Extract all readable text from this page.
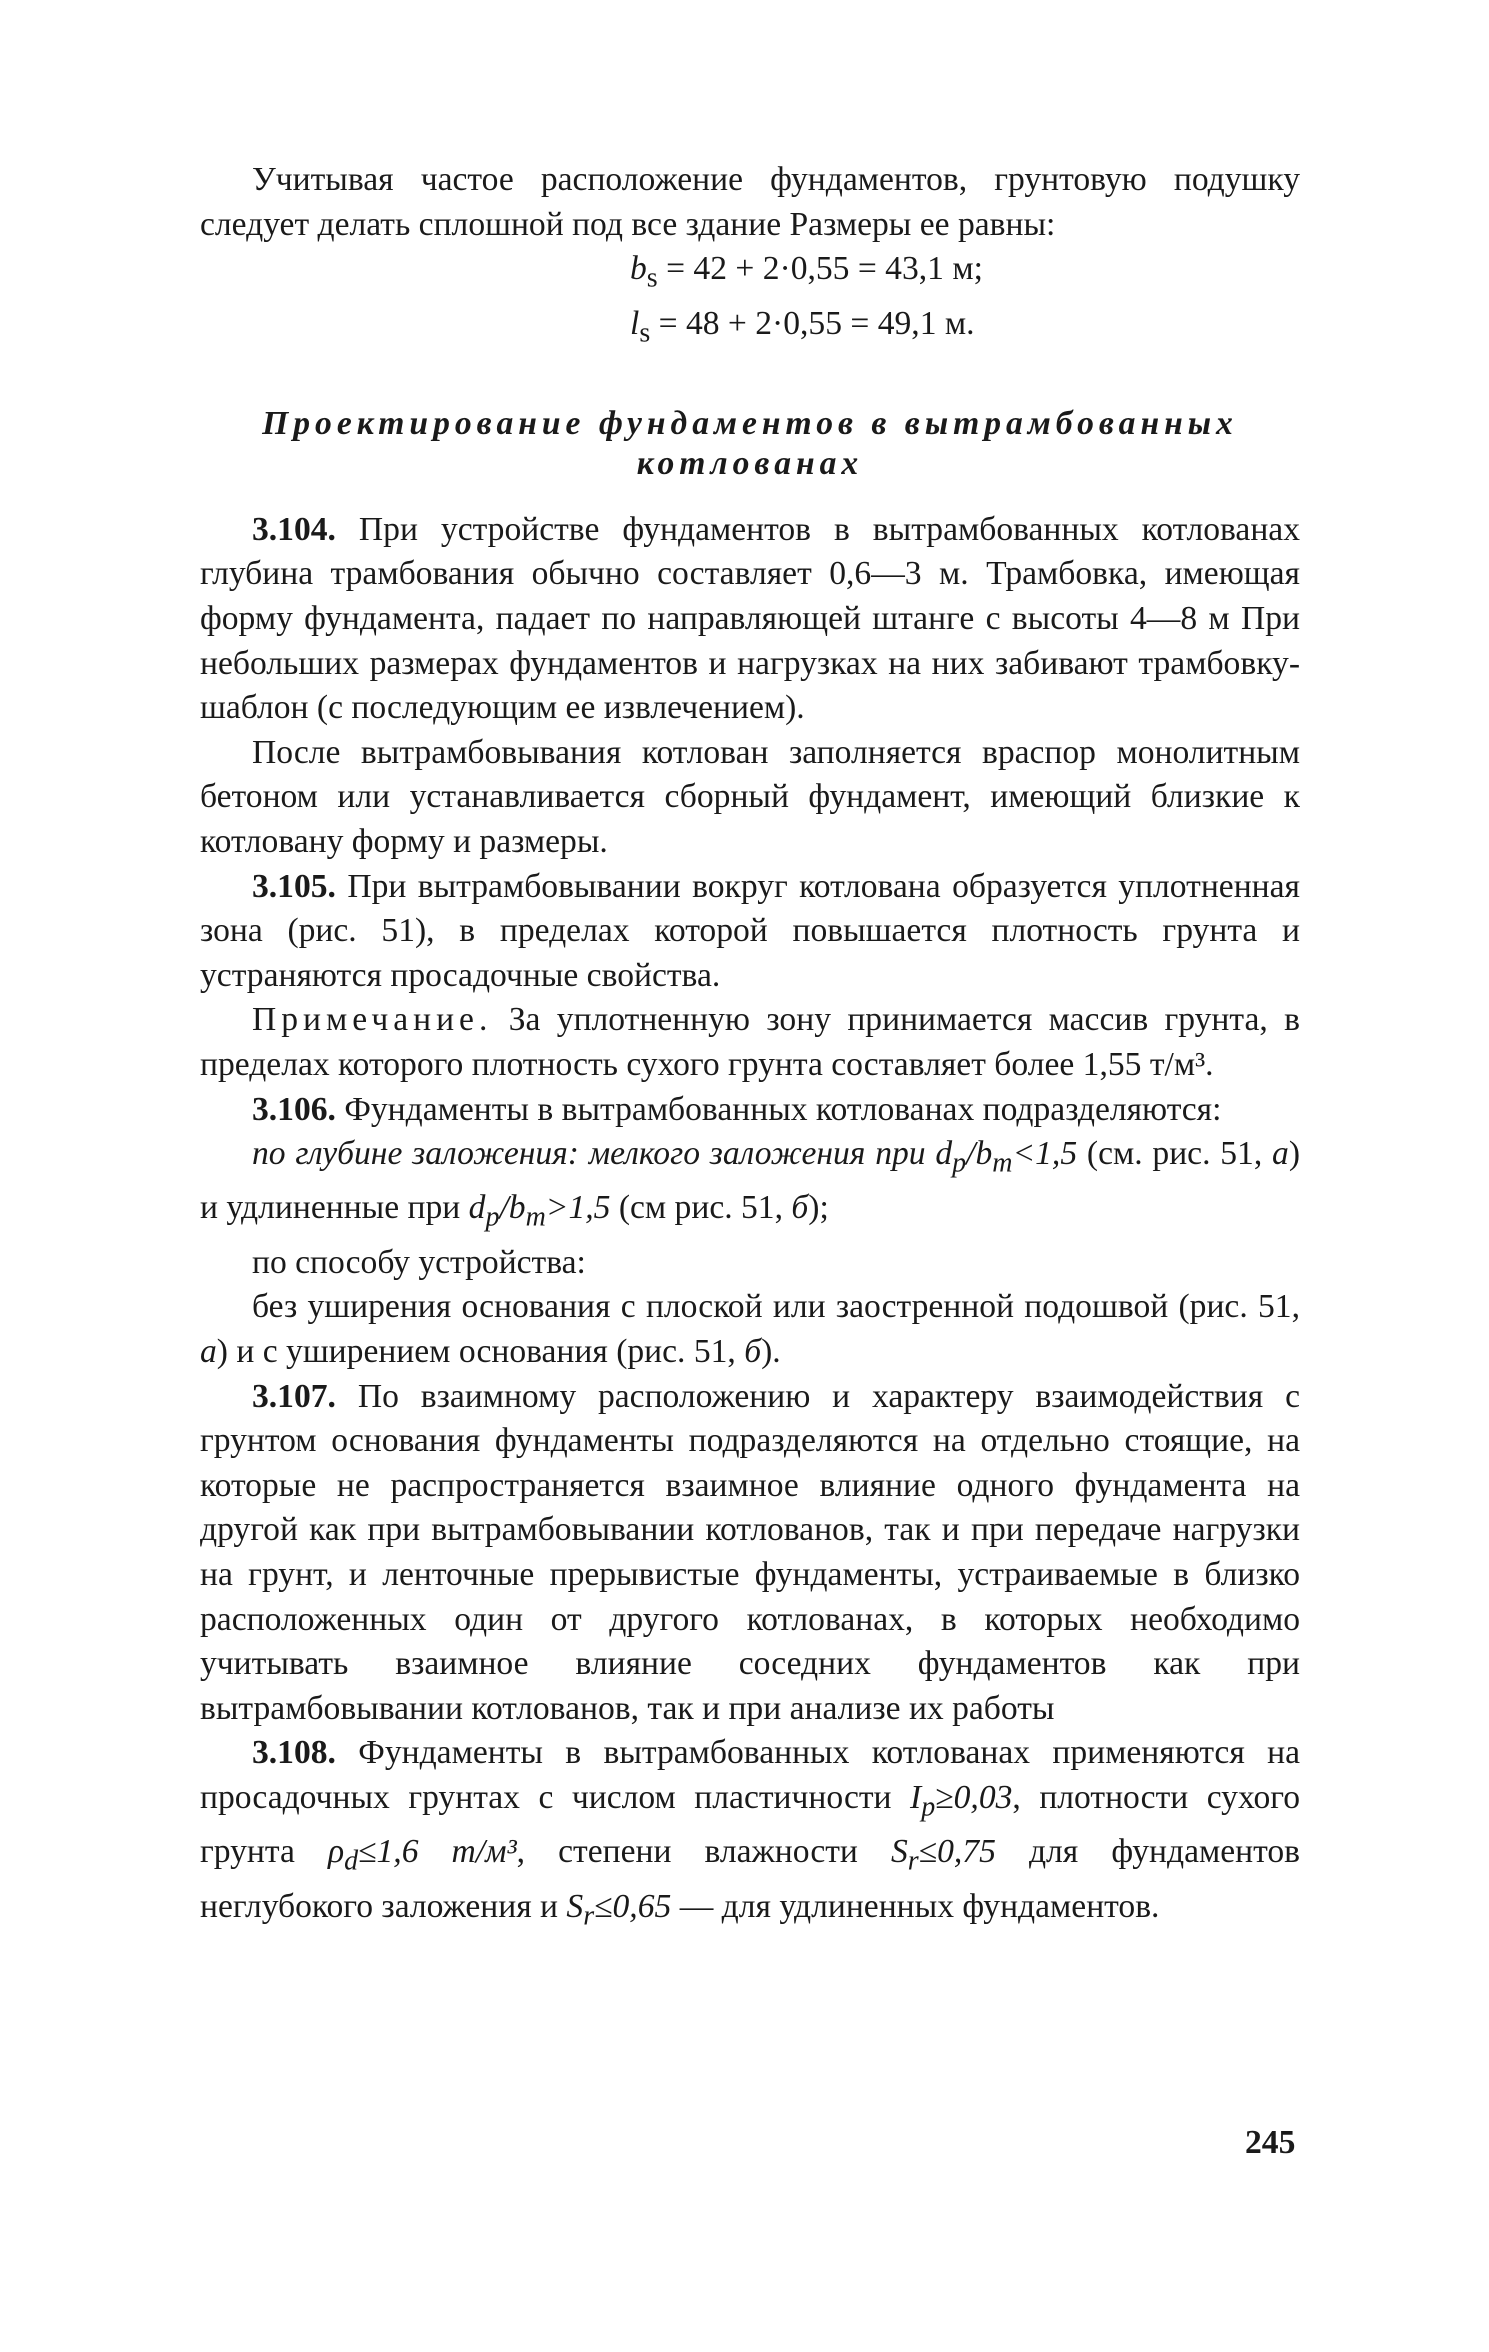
Учитывая частое расположение фундаментов, грунтовую подушку следует делать сплошной под все здание Размеры ее равны:

$b_s = 42 + 2\cdot 0,55 = 43,1$ м;

$l_s = 48 + 2\cdot 0,55 = 49,1$ м.

Проектирование фундаментов в вытрамбованных котлованах

3.104. При устройстве фундаментов в вытрамбованных котлованах глубина трамбования обычно составляет 0,6—3 м. Трамбовка, имеющая форму фундамента, падает по направляющей штанге с высоты 4—8 м При небольших размерах фундаментов и нагрузках на них забивают трамбовку-шаблон (с последующим ее извлечением).

После вытрамбовывания котлован заполняется враспор монолитным бетоном или устанавливается сборный фундамент, имеющий близкие к котловану форму и размеры.

3.105. При вытрамбовывании вокруг котлована образуется уплотненная зона (рис. 51), в пределах которой повышается плотность грунта и устраняются просадочные свойства.

Примечание. За уплотненную зону принимается массив грунта, в пределах которого плотность сухого грунта составляет более 1,55 т/м³.

3.106. Фундаменты в вытрамбованных котлованах подразделяются:

по глубине заложения: мелкого заложения при $d_p/b_m<1,5$ (см. рис. 51, а) и удлиненные при $d_p/b_m>1,5$ (см рис. 51, б);

по способу устройства:

без уширения основания с плоской или заостренной подошвой (рис. 51, а) и с уширением основания (рис. 51, б).

3.107. По взаимному расположению и характеру взаимодействия с грунтом основания фундаменты подразделяются на отдельно стоящие, на которые не распространяется взаимное влияние одного фундамента на другой как при вытрамбовывании котлованов, так и при передаче нагрузки на грунт, и ленточные прерывистые фундаменты, устраиваемые в близко расположенных один от другого котлованах, в которых необходимо учитывать взаимное влияние соседних фундаментов как при вытрамбовывании котлованов, так и при анализе их работы

3.108. Фундаменты в вытрамбованных котлованах применяются на просадочных грунтах с числом пластичности $I_p\ge 0,03$, плотности сухого грунта $\rho_d\le 1,6$ т/м³, степени влажности $S_r\le 0,75$ для фундаментов неглубокого заложения и $S_r\le 0,65$ — для удлиненных фундаментов.

245
